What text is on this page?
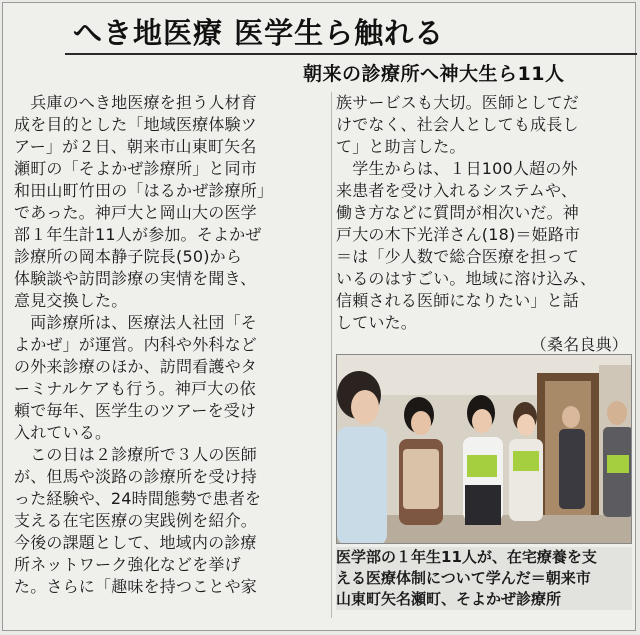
へき地医療 医学生ら触れる
朝来の診療所へ神大生ら11人
　兵庫のへき地医療を担う人材育
成を目的とした「地域医療体験ツ
アー」が２日、朝来市山東町矢名
瀬町の「そよかぜ診療所」と同市
和田山町竹田の「はるかぜ診療所」
であった。神戸大と岡山大の医学
部１年生計11人が参加。そよかぜ
診療所の岡本静子院長(50)から
体験談や訪問診療の実情を聞き、
意見交換した。
　両診療所は、医療法人社団「そ
よかぜ」が運営。内科や外科など
の外来診療のほか、訪問看護やタ
ーミナルケアも行う。神戸大の依
頼で毎年、医学生のツアーを受け
入れている。
　この日は２診療所で３人の医師
が、但馬や淡路の診療所を受け持
った経験や、24時間態勢で患者を
支える在宅医療の実践例を紹介。
今後の課題として、地域内の診療
所ネットワーク強化などを挙げ
た。さらに「趣味を持つことや家
族サービスも大切。医師としてだ
けでなく、社会人としても成長し
て」と助言した。
　学生からは、１日100人超の外
来患者を受け入れるシステムや、
働き方などに質問が相次いだ。神
戸大の木下光洋さん(18)＝姫路市
＝は「少人数で総合医療を担って
いるのはすごい。地域に溶け込み、
信頼される医師になりたい」と話
していた。
（桑名良典）
医学部の１年生11人が、在宅療養を支
える医療体制について学んだ＝朝来市
山東町矢名瀬町、そよかぜ診療所
